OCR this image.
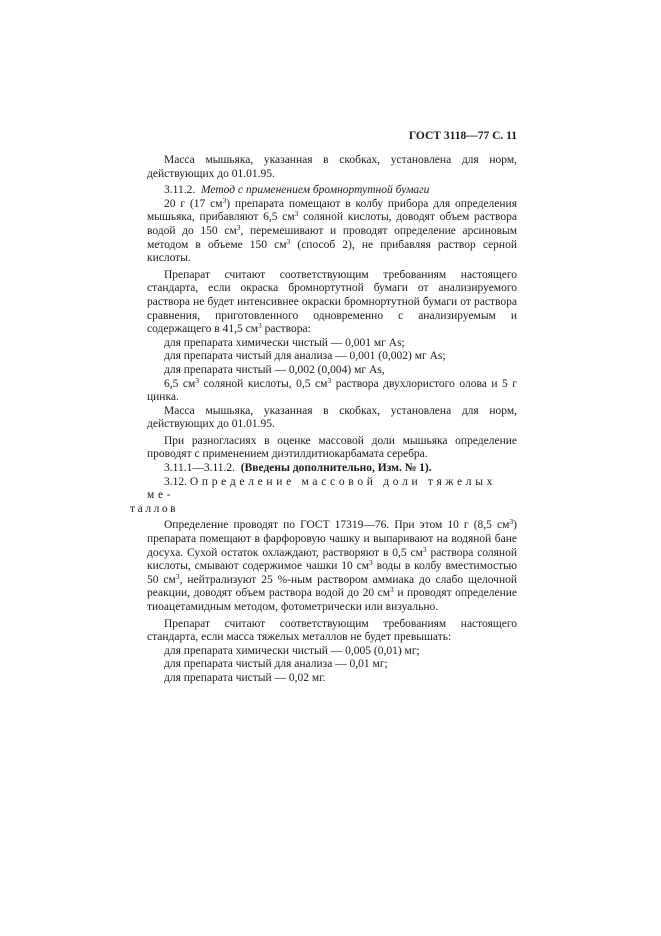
ГОСТ 3118—77 С. 11

Масса мышьяка, указанная в скобках, установлена для норм, действующих до 01.01.95.

3.11.2. Метод с применением бромнортутной бумаги

20 г (17 $см^3$) препарата помещают в колбу прибора для определения мышьяка, прибавляют 6,5 $см^3$ соляной кислоты, доводят объем раствора водой до 150 $см^3$, перемешивают и проводят определение арсиновым методом в объеме 150 $см^3$ (способ 2), не прибавляя раствор серной кислоты.

Препарат считают соответствующим требованиям настоящего стандарта, если окраска бромнортутной бумаги от анализируемого раствора не будет интенсивнее окраски бромнортутной бумаги от раствора сравнения, приготовленного одновременно с анализируемым и содержащего в 41,5 $см^3$ раствора:

для препарата химически чистый — 0,001 мг As;

для препарата чистый для анализа — 0,001 (0,002) мг As;

для препарата чистый — 0,002 (0,004) мг As,

6,5 $см^3$ соляной кислоты, 0,5 $см^3$ раствора двухлористого олова и 5 г цинка.

Масса мышьяка, указанная в скобках, установлена для норм, действующих до 01.01.95.

При разногласиях в оценке массовой доли мышьяка определение проводят с применением диэтилдитиокарбамата серебра.

3.11.1—3.11.2. (Введены дополнительно, Изм. № 1).

3.12. Определение массовой доли тяжелых ме-
таллов

Определение проводят по ГОСТ 17319—76. При этом 10 г (8,5 $см^3$) препарата помещают в фарфоровую чашку и выпаривают на водяной бане досуха. Сухой остаток охлаждают, растворяют в 0,5 $см^3$ раствора соляной кислоты, смывают содержимое чашки 10 $см^3$ воды в колбу вместимостью 50 $см^3$, нейтрализуют 25 %-ным раствором аммиака до слабо щелочной реакции, доводят объем раствора водой до 20 $см^3$ и проводят определение тиоацетамидным методом, фотометрически или визуально.

Препарат считают соответствующим требованиям настоящего стандарта, если масса тяжелых металлов не будет превышать:

для препарата химически чистый — 0,005 (0,01) мг;

для препарата чистый для анализа — 0,01 мг;

для препарата чистый — 0,02 мг.
